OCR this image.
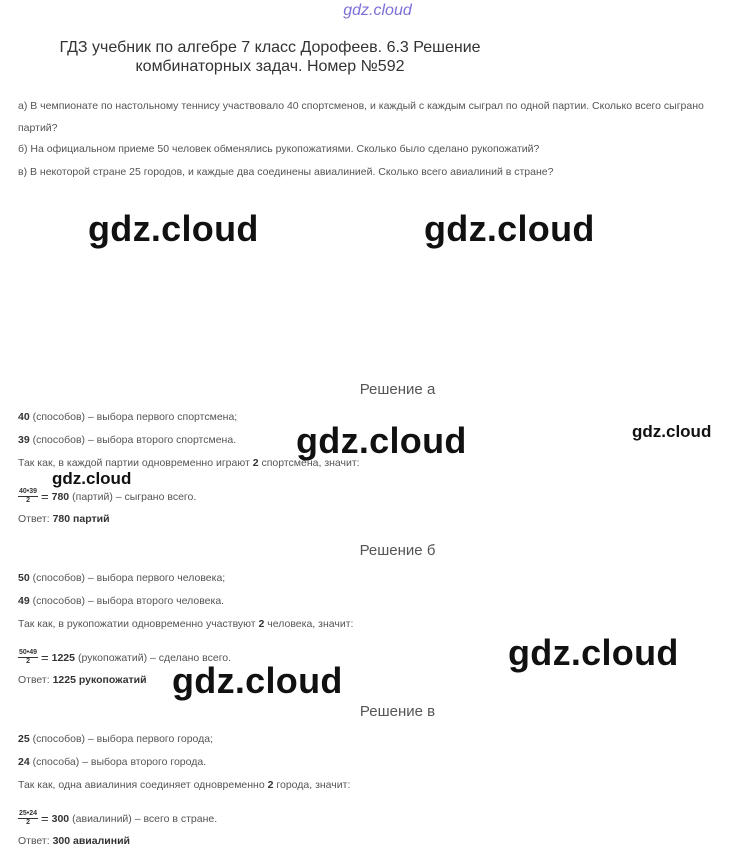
gdz.cloud
ГДЗ учебник по алгебре 7 класс Дорофеев. 6.3 Решение комбинаторных задач. Номер №592
а) В чемпионате по настольному теннису участвовало 40 спортсменов, и каждый с каждым сыграл по одной партии. Сколько всего сыграно партий?
б) На официальном приеме 50 человек обменялись рукопожатиями. Сколько было сделано рукопожатий?
в) В некоторой стране 25 городов, и каждые два соединены авиалинией. Сколько всего авиалиний в стране?
gdz.cloud	gdz.cloud
Решение а
40 (способов) – выбора первого спортсмена;
39 (способов) – выбора второго спортсмена.
Так как, в каждой партии одновременно играют 2 спортсмена, значит:
$\frac{40•39}{2} = 780$ (партий) – сыграно всего.
Ответ: 780 партий
gdz.cloud	gdz.cloud
gdz.cloud
Решение б
50 (способов) – выбора первого человека;
49 (способов) – выбора второго человека.
Так как, в рукопожатии одновременно участвуют 2 человека, значит:
$\frac{50•49}{2} = 1225$ (рукопожатий) – сделано всего.
Ответ: 1225 рукопожатий
gdz.cloud
gdz.cloud
Решение в
25 (способов) – выбора первого города;
24 (способа) – выбора второго города.
Так как, одна авиалиния соединяет одновременно 2 города, значит:
$\frac{25•24}{2} = 300$ (авиалиний) – всего в стране.
Ответ: 300 авиалиний
